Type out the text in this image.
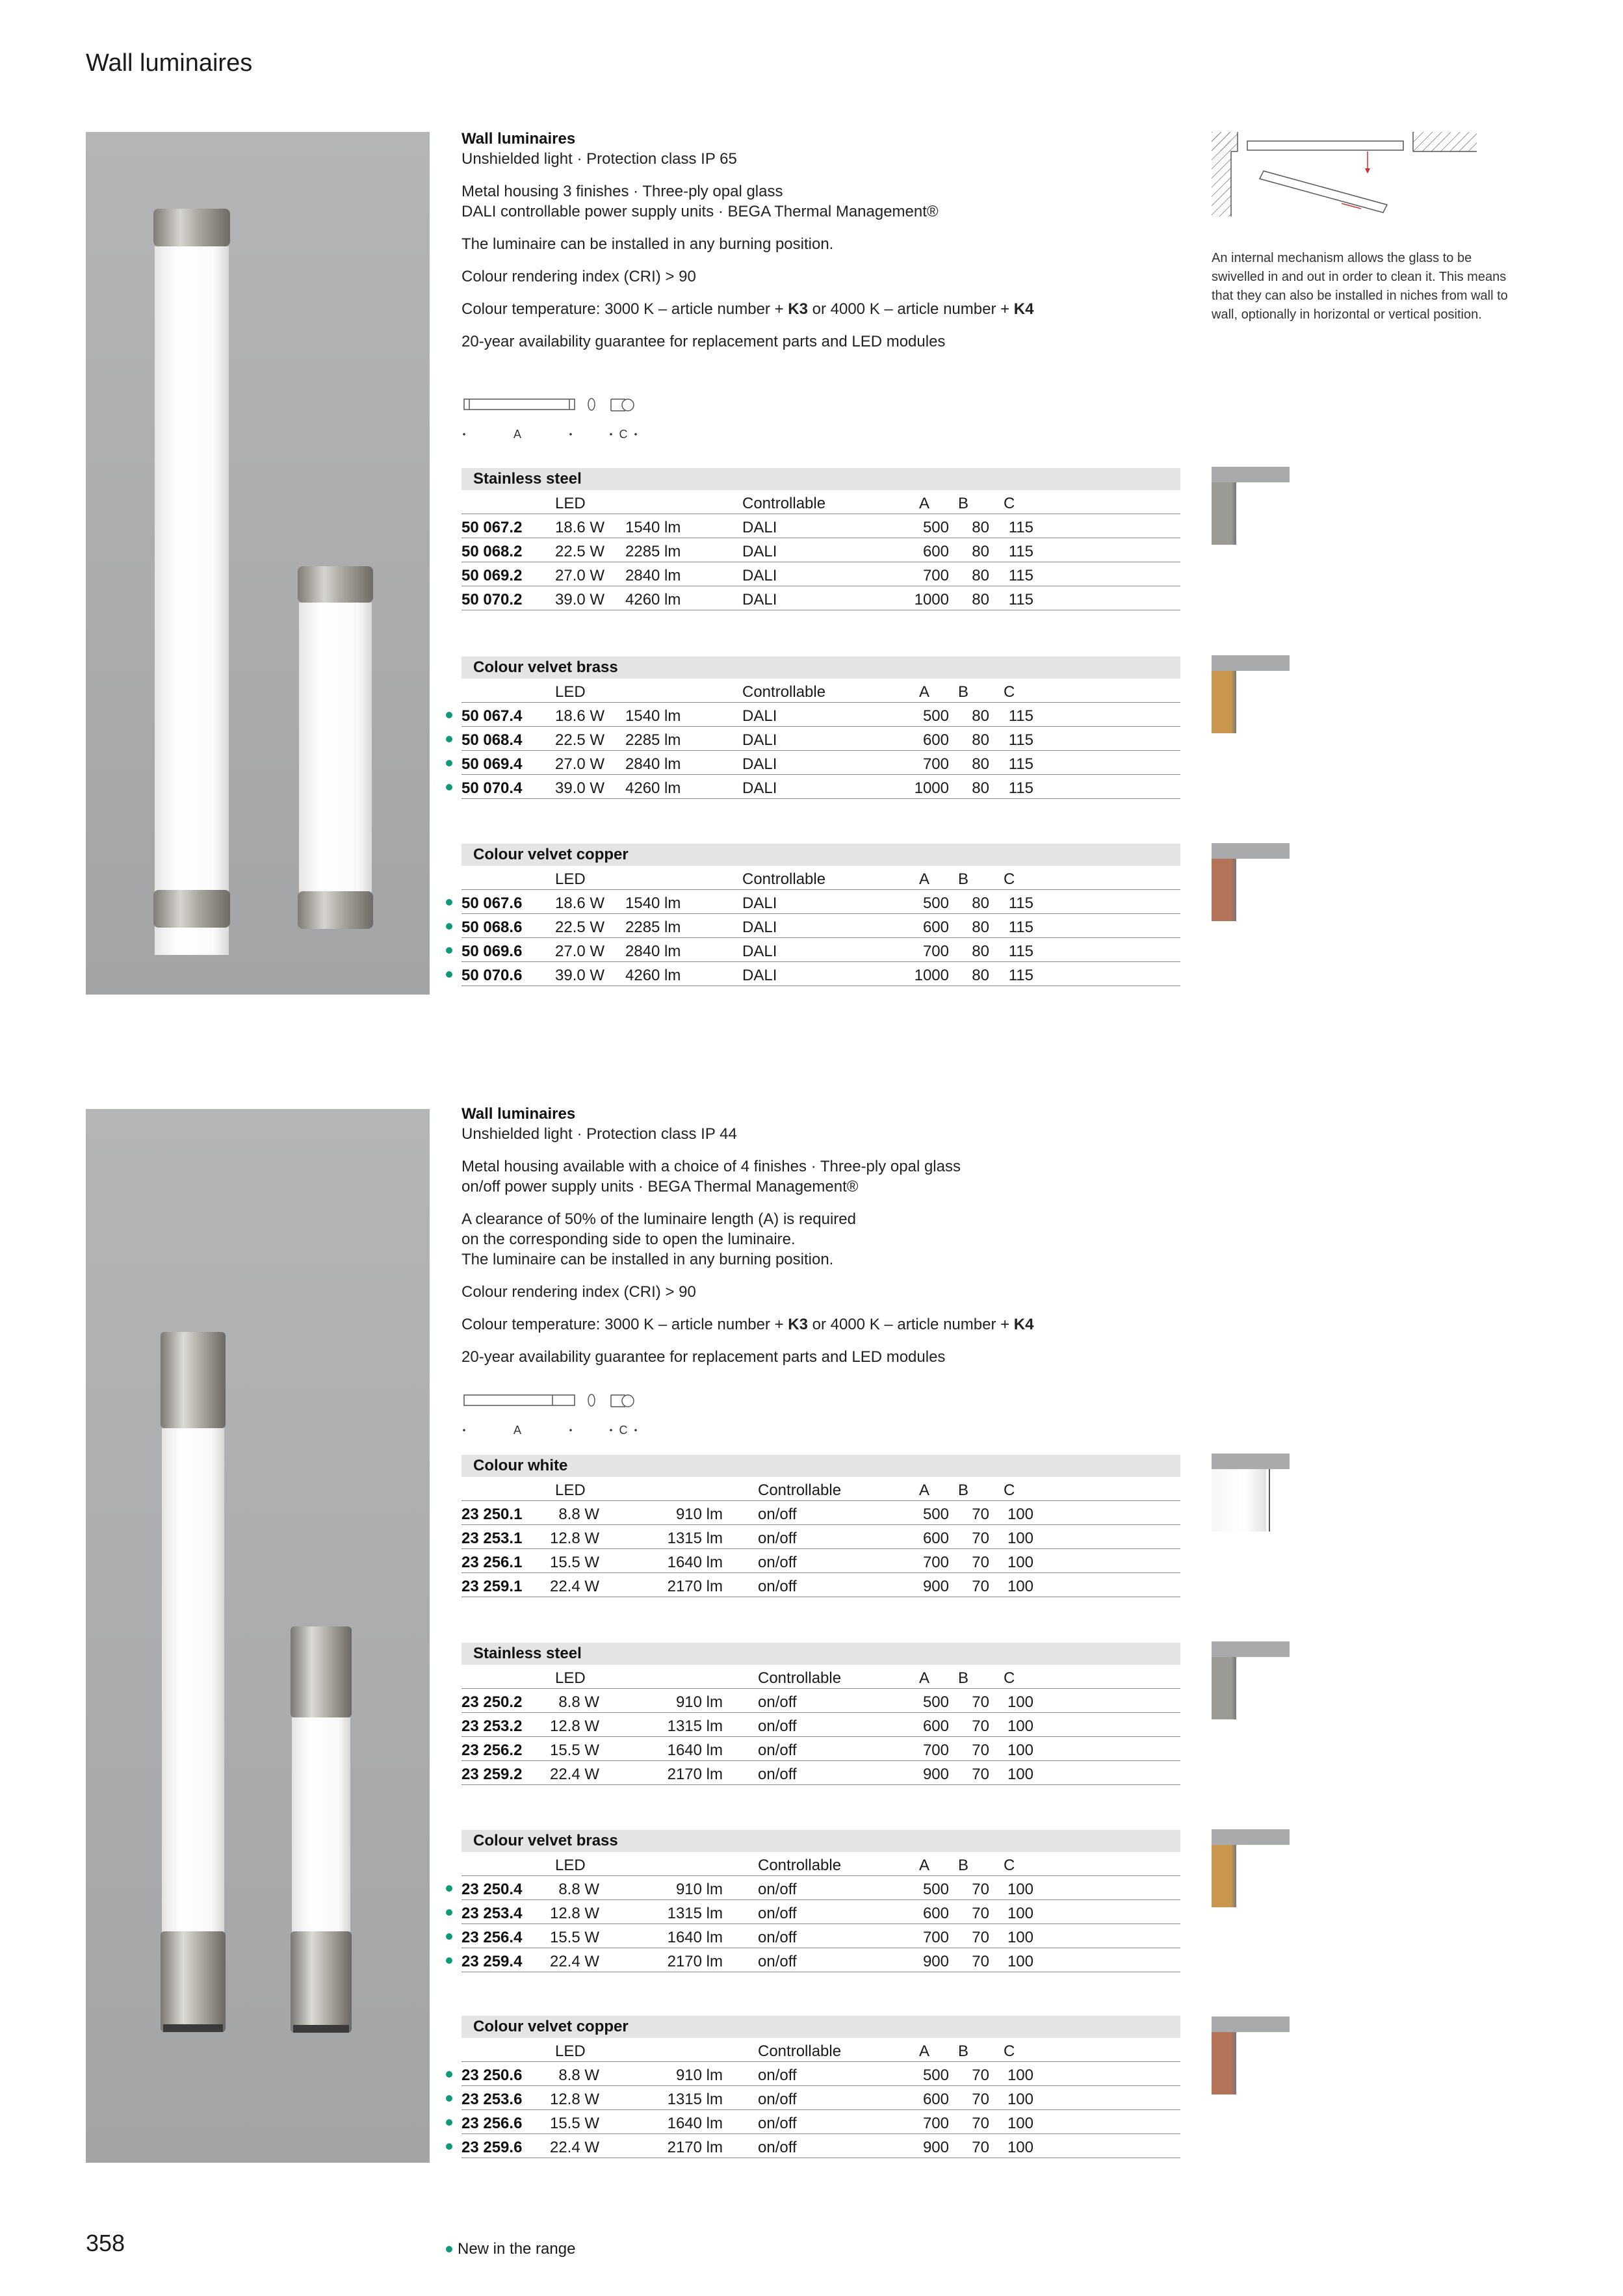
Wall luminaires
Wall luminaires
Unshielded light · Protection class IP 65
Metal housing 3 finishes · Three-ply opal glass
DALI controllable power supply units · BEGA Thermal Management®

The luminaire can be installed in any burning position.

Colour rendering index (CRI) > 90

Colour temperature: 3000 K – article number + K3 or 4000 K – article number + K4

20-year availability guarantee for replacement parts and LED modules

A	C
An internal mechanism allows the glass to be swivelled in and out in order to clean it. This means that they can also be installed in niches from wall to wall, optionally in horizontal or vertical position.
Stainless steel
LED	Controllable	A B C
50 067.2 18.6 W 1540 lm	DALI	500 80 115
50 068.2 22.5 W 2285 lm	DALI	600 80 115
50 069.2 27.0 W 2840 lm	DALI	700 80 115
50 070.2 39.0 W 4260 lm	DALI	1000 80 115
Colour velvet brass
LED	Controllable	A B C
50 067.4 18.6 W 1540 lm	DALI	500 80 115
50 068.4 22.5 W 2285 lm	DALI	600 80 115
50 069.4 27.0 W 2840 lm	DALI	700 80 115
50 070.4 39.0 W 4260 lm	DALI	1000 80 115
Colour velvet copper
LED	Controllable	A B C
50 067.6 18.6 W 1540 lm	DALI	500 80 115
50 068.6 22.5 W 2285 lm	DALI	600 80 115
50 069.6 27.0 W 2840 lm	DALI	700 80 115
50 070.6 39.0 W 4260 lm	DALI	1000 80 115
Wall luminaires
Unshielded light · Protection class IP 44
Metal housing available with a choice of 4 finishes · Three-ply opal glass
on/off power supply units · BEGA Thermal Management®
A clearance of 50% of the luminaire length (A) is required
on the corresponding side to open the luminaire.
The luminaire can be installed in any burning position.

Colour rendering index (CRI) > 90

Colour temperature: 3000 K – article number + K3 or 4000 K – article number + K4

20-year availability guarantee for replacement parts and LED modules

A	C
Colour white
LED	Controllable	A B C
23 250.1 8.8 W	910 lm on/off	500 70 100
23 253.1 12.8 W	1315 lm on/off	600 70 100
23 256.1 15.5 W	1640 lm on/off	700 70 100
23 259.1 22.4 W	2170 lm on/off	900 70 100
Stainless steel
LED	Controllable	A B C
23 250.2 8.8 W	910 lm on/off	500 70 100
23 253.2 12.8 W	1315 lm on/off	600 70 100
23 256.2 15.5 W	1640 lm on/off	700 70 100
23 259.2 22.4 W	2170 lm on/off	900 70 100
Colour velvet brass
LED	Controllable	A B C
23 250.4 8.8 W	910 lm on/off	500 70 100
23 253.4 12.8 W	1315 lm on/off	600 70 100
23 256.4 15.5 W	1640 lm on/off	700 70 100
23 259.4 22.4 W	2170 lm on/off	900 70 100
Colour velvet copper
LED	Controllable	A B C
23 250.6 8.8 W	910 lm on/off	500 70 100
23 253.6 12.8 W	1315 lm on/off	600 70 100
23 256.6 15.5 W	1640 lm on/off	700 70 100
23 259.6 22.4 W	2170 lm on/off	900 70 100
358	New in the range
